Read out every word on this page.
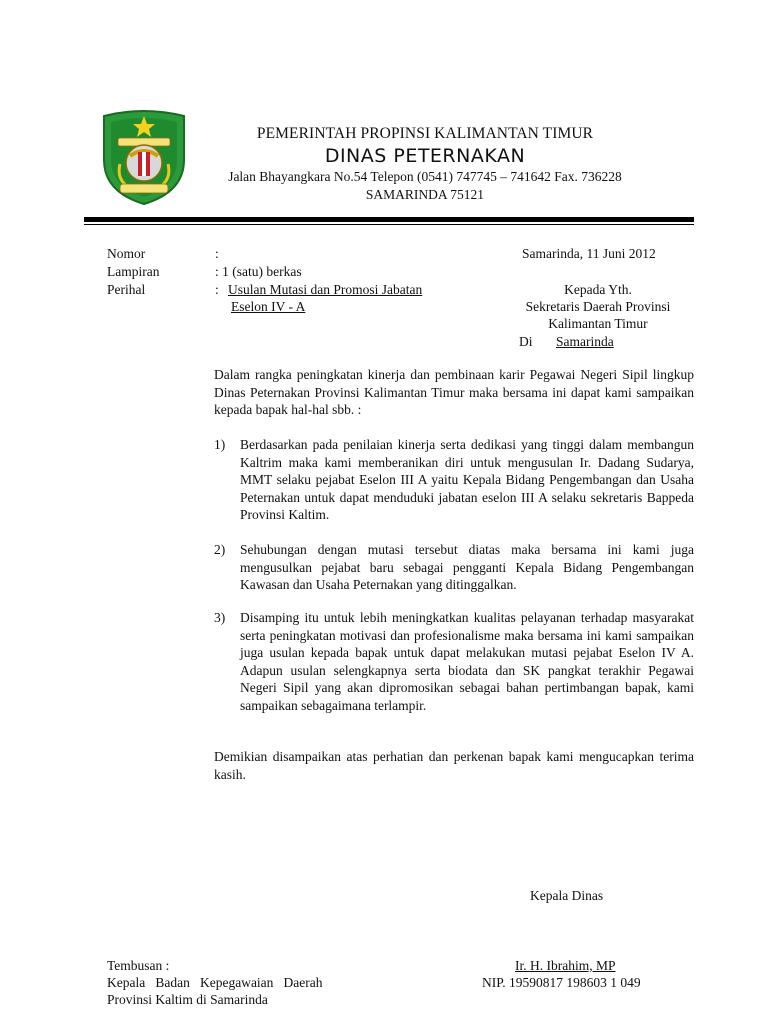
PEMERINTAH PROPINSI KALIMANTAN TIMUR
DINAS PETERNAKAN
Jalan Bhayangkara No.54 Telepon (0541) 747745 – 741642 Fax. 736228
SAMARINDA 75121
Nomor	:
Lampiran	: 1 (satu) berkas
Perihal	: Usulan Mutasi dan Promosi Jabatan
Eselon IV - A
Samarinda, 11 Juni 2012
Kepada Yth.
Sekretaris Daerah Provinsi
Kalimantan Timur
Di Samarinda
Dalam rangka peningkatan kinerja dan pembinaan karir Pegawai Negeri Sipil lingkup Dinas Peternakan Provinsi Kalimantan Timur maka bersama ini dapat kami sampaikan kepada bapak hal-hal sbb. :
1) Berdasarkan pada penilaian kinerja serta dedikasi yang tinggi dalam membangun Kaltrim maka kami memberanikan diri untuk mengusulan Ir. Dadang Sudarya, MMT selaku pejabat Eselon III A yaitu Kepala Bidang Pengembangan dan Usaha Peternakan untuk dapat menduduki jabatan eselon III A selaku sekretaris Bappeda Provinsi Kaltim.
2) Sehubungan dengan mutasi tersebut diatas maka bersama ini kami juga mengusulkan pejabat baru sebagai pengganti Kepala Bidang Pengembangan Kawasan dan Usaha Peternakan yang ditinggalkan.
3) Disamping itu untuk lebih meningkatkan kualitas pelayanan terhadap masyarakat serta peningkatan motivasi dan profesionalisme maka bersama ini kami sampaikan juga usulan kepada bapak untuk dapat melakukan mutasi pejabat Eselon IV A. Adapun usulan selengkapnya serta biodata dan SK pangkat terakhir Pegawai Negeri Sipil yang akan dipromosikan sebagai bahan pertimbangan bapak, kami sampaikan sebagaimana terlampir.
Demikian disampaikan atas perhatian dan perkenan bapak kami mengucapkan terima kasih.
Kepala Dinas
Ir. H. Ibrahim, MP
NIP. 19590817 198603 1 049
Tembusan :
Kepala   Badan   Kepegawaian   Daerah
Provinsi Kaltim di Samarinda
